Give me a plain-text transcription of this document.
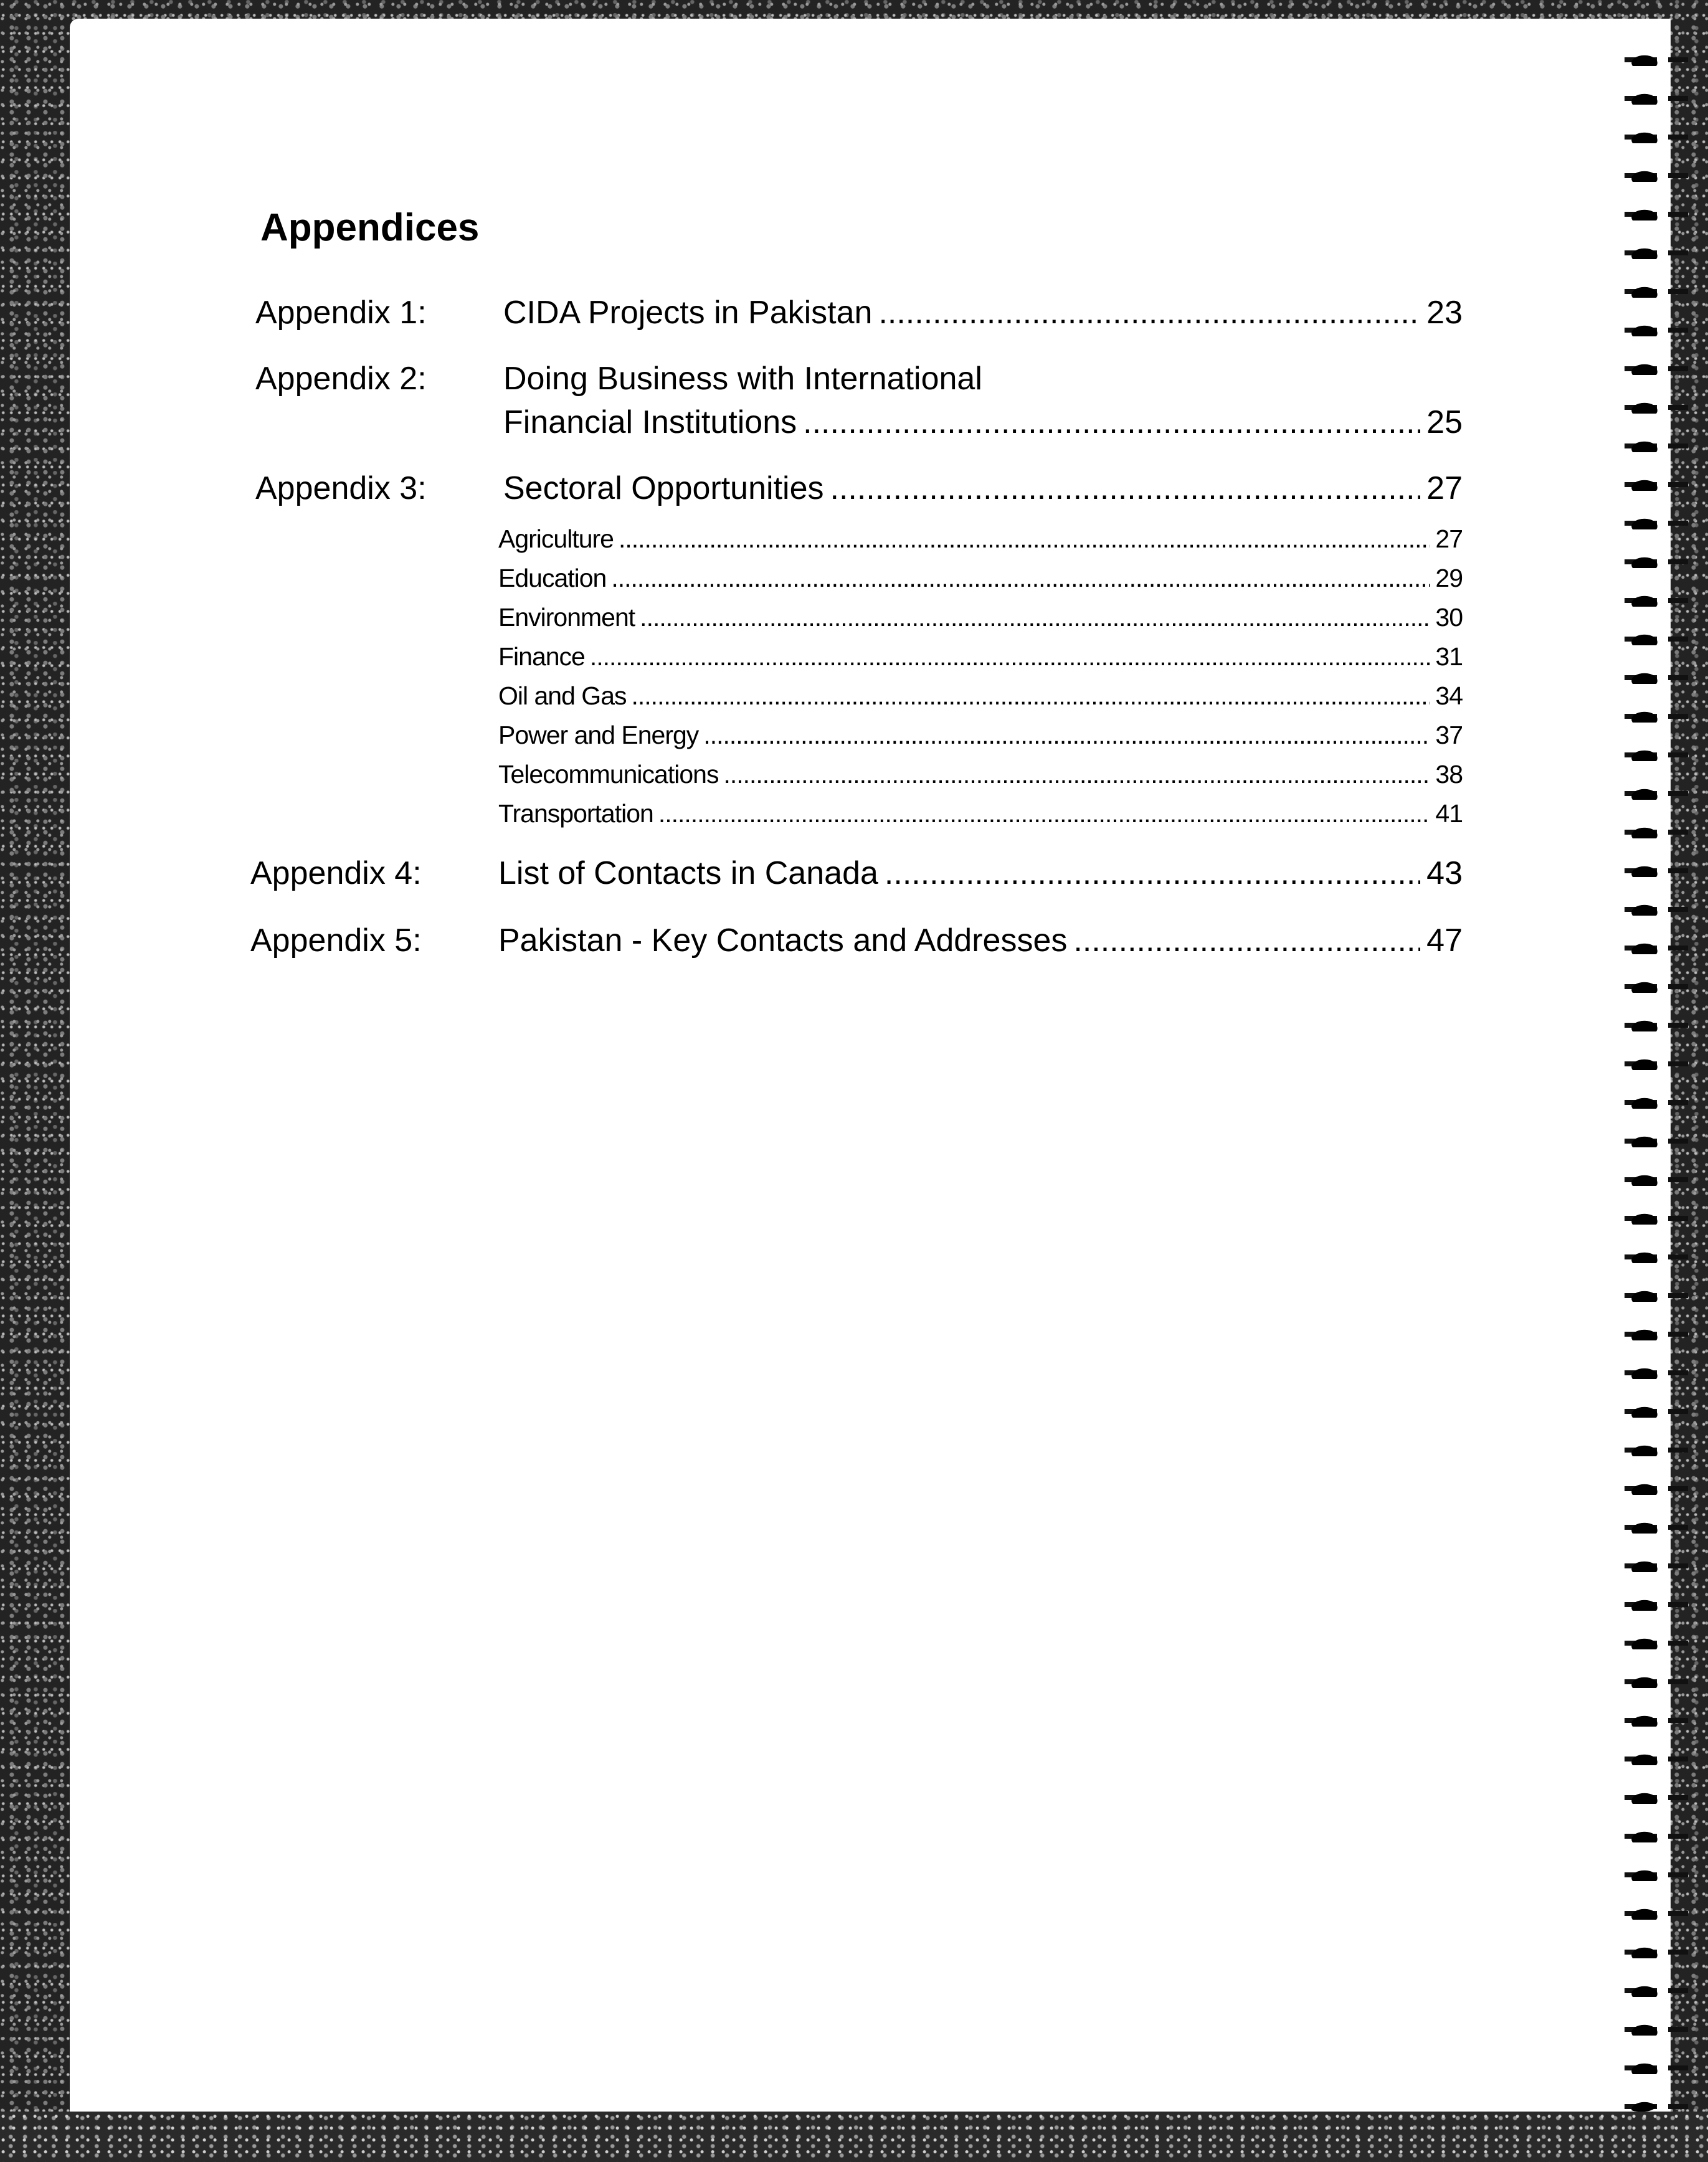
Appendices
Appendix 1: CIDA Projects in Pakistan .....	23
Appendix 2: Doing Business with International
Financial Institutions .....	25
Appendix 3: Sectoral Opportunities .....	27
Agriculture .....	27
Education .....	29
Environment .....	30
Finance .....	31
Oil and Gas .....	34
Power and Energy .....	37
Telecommunications .....	38
Transportation .....	41
Appendix 4: List of Contacts in Canada .....	43
Appendix 5: Pakistan - Key Contacts and Addresses .....	47
